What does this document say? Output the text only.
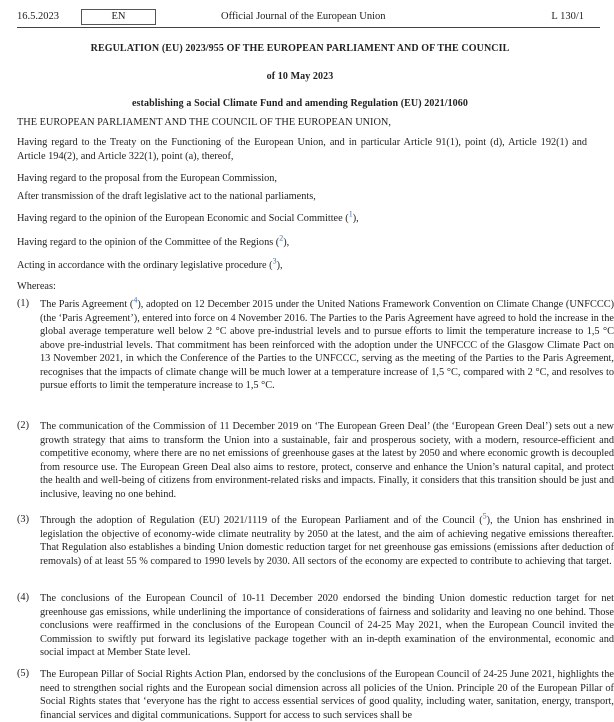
16.5.2023	EN	Official Journal of the European Union	L 130/1
REGULATION (EU) 2023/955 OF THE EUROPEAN PARLIAMENT AND OF THE COUNCIL
of 10 May 2023
establishing a Social Climate Fund and amending Regulation (EU) 2021/1060
THE EUROPEAN PARLIAMENT AND THE COUNCIL OF THE EUROPEAN UNION,
Having regard to the Treaty on the Functioning of the European Union, and in particular Article 91(1), point (d), Article 192(1) and Article 194(2), and Article 322(1), point (a), thereof,
Having regard to the proposal from the European Commission,
After transmission of the draft legislative act to the national parliaments,
Having regard to the opinion of the European Economic and Social Committee ($^1$),
Having regard to the opinion of the Committee of the Regions ($^2$),
Acting in accordance with the ordinary legislative procedure ($^3$),
Whereas:
(1) The Paris Agreement ($^4$), adopted on 12 December 2015 under the United Nations Framework Convention on Climate Change (UNFCCC) (the ‘Paris Agreement’), entered into force on 4 November 2016. The Parties to the Paris Agreement have agreed to hold the increase in the global average temperature well below 2 °C above pre-industrial levels and to pursue efforts to limit the temperature increase to 1,5 °C above pre-industrial levels. That commitment has been reinforced with the adoption under the UNFCCC of the Glasgow Climate Pact on 13 November 2021, in which the Conference of the Parties to the UNFCCC, serving as the meeting of the Parties to the Paris Agreement, recognises that the impacts of climate change will be much lower at a temperature increase of 1,5 °C, compared with 2 °C, and resolves to pursue efforts to limit the temperature increase to 1,5 °C.
(2) The communication of the Commission of 11 December 2019 on ‘The European Green Deal’ (the ‘European Green Deal’) sets out a new growth strategy that aims to transform the Union into a sustainable, fair and prosperous society, with a modern, resource-efficient and competitive economy, where there are no net emissions of greenhouse gases at the latest by 2050 and where economic growth is decoupled from resource use. The European Green Deal also aims to restore, protect, conserve and enhance the Union’s natural capital, and protect the health and well-being of citizens from environment-related risks and impacts. Finally, it considers that this transition should be just and inclusive, leaving no one behind.
(3) Through the adoption of Regulation (EU) 2021/1119 of the European Parliament and of the Council ($^5$), the Union has enshrined in legislation the objective of economy-wide climate neutrality by 2050 at the latest, and the aim of achieving negative emissions thereafter. That Regulation also establishes a binding Union domestic reduction target for net greenhouse gas emissions (emissions after deduction of removals) of at least 55 % compared to 1990 levels by 2030. All sectors of the economy are expected to contribute to achieving that target.
(4) The conclusions of the European Council of 10-11 December 2020 endorsed the binding Union domestic reduction target for net greenhouse gas emissions, while underlining the importance of considerations of fairness and solidarity and leaving no one behind. Those conclusions were reaffirmed in the conclusions of the European Council of 24-25 May 2021, when the European Council invited the Commission to swiftly put forward its legislative package together with an in-depth examination of the environmental, economic and social impact at Member State level.
(5) The European Pillar of Social Rights Action Plan, endorsed by the conclusions of the European Council of 24-25 June 2021, highlights the need to strengthen social rights and the European social dimension across all policies of the Union. Principle 20 of the European Pillar of Social Rights states that ‘everyone has the right to access essential services of good quality, including water, sanitation, energy, transport, financial services and digital communications. Support for access to such services shall be
